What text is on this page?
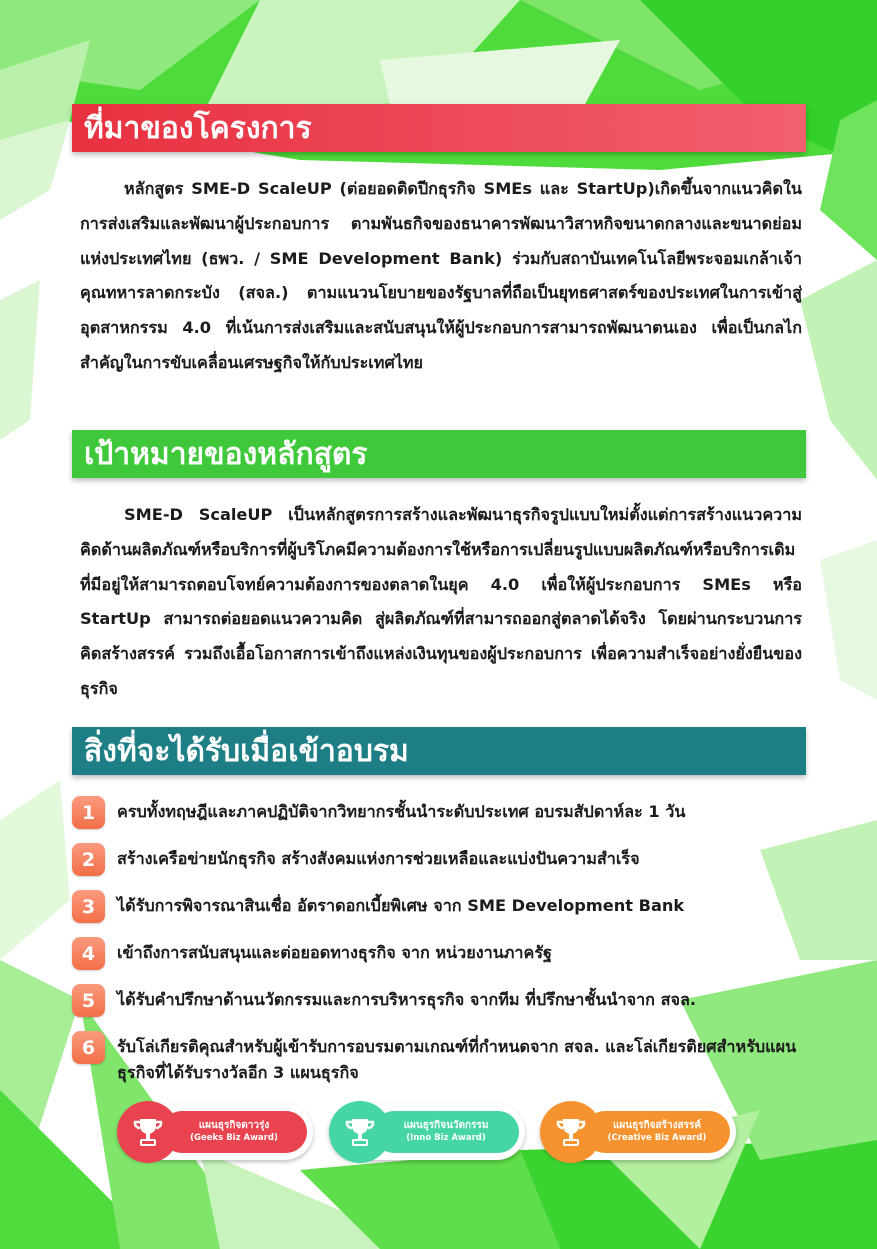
ที่มาของโครงการ

หลักสูตร SME-D ScaleUP (ต่อยอดติดปีกธุรกิจ SMEs และ StartUp)เกิดขึ้นจากแนวคิดในการส่งเสริมและพัฒนาผู้ประกอบการ ตามพันธกิจของธนาคารพัฒนาวิสาหกิจขนาดกลางและขนาดย่อมแห่งประเทศไทย (ธพว. / SME Development Bank) ร่วมกับสถาบันเทคโนโลยีพระจอมเกล้าเจ้าคุณทหารลาดกระบัง (สจล.) ตามแนวนโยบายของรัฐบาลที่ถือเป็นยุทธศาสตร์ของประเทศในการเข้าสู่อุตสาหกรรม 4.0 ที่เน้นการส่งเสริมและสนับสนุนให้ผู้ประกอบการสามารถพัฒนาตนเอง เพื่อเป็นกลไกสำคัญในการขับเคลื่อนเศรษฐกิจให้กับประเทศไทย

เป้าหมายของหลักสูตร

SME-D ScaleUP เป็นหลักสูตรการสร้างและพัฒนาธุรกิจรูปแบบใหม่ตั้งแต่การสร้างแนวความคิดด้านผลิตภัณฑ์หรือบริการที่ผู้บริโภคมีความต้องการใช้หรือการเปลี่ยนรูปแบบผลิตภัณฑ์หรือบริการเดิมที่มีอยู่ให้สามารถตอบโจทย์ความต้องการของตลาดในยุค 4.0 เพื่อให้ผู้ประกอบการ SMEs หรือ StartUp สามารถต่อยอดแนวความคิด สู่ผลิตภัณฑ์ที่สามารถออกสู่ตลาดได้จริง โดยผ่านกระบวนการคิดสร้างสรรค์ รวมถึงเอื้อโอกาสการเข้าถึงแหล่งเงินทุนของผู้ประกอบการ เพื่อความสำเร็จอย่างยั่งยืนของธุรกิจ

สิ่งที่จะได้รับเมื่อเข้าอบรม
1	ครบทั้งทฤษฎีและภาคปฏิบัติจากวิทยากรชั้นนำระดับประเทศ อบรมสัปดาห์ละ 1 วัน
2	สร้างเครือข่ายนักธุรกิจ สร้างสังคมแห่งการช่วยเหลือและแบ่งปันความสำเร็จ
3	ได้รับการพิจารณาสินเชื่อ อัตราดอกเบี้ยพิเศษ จาก SME Development Bank
4	เข้าถึงการสนับสนุนและต่อยอดทางธุรกิจ จาก หน่วยงานภาครัฐ
5	ได้รับคำปรึกษาด้านนวัตกรรมและการบริหารธุรกิจ จากทีม ที่ปรึกษาชั้นนำจาก สจล.
6	รับโล่เกียรติคุณสำหรับผู้เข้ารับการอบรมตามเกณฑ์ที่กำหนดจาก สจล. และโล่เกียรติยศสำหรับแผนธุรกิจที่ได้รับรางวัลอีก 3 แผนธุรกิจ
แผนธุรกิจดาวรุ่ง
(Geeks Biz Award)
แผนธุรกิจนวัตกรรม
(Inno Biz Award)
แผนธุรกิจสร้างสรรค์
(Creative Biz Award)
